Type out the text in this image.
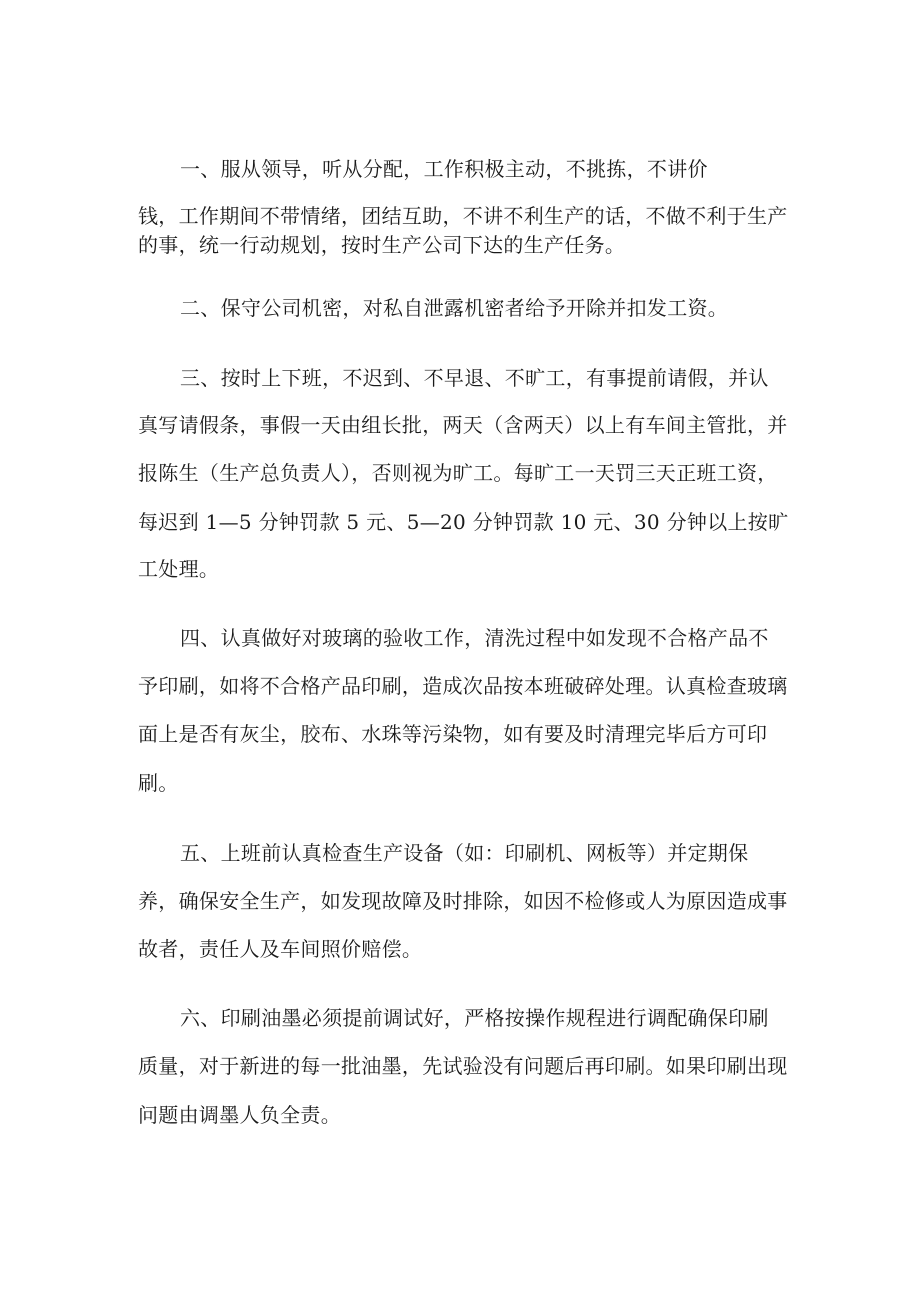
一、服从领导，听从分配，工作积极主动，不挑拣，不讲价
钱，工作期间不带情绪，团结互助，不讲不利生产的话，不做不利于生产
的事，统一行动规划，按时生产公司下达的生产任务。
二、保守公司机密，对私自泄露机密者给予开除并扣发工资。
三、按时上下班，不迟到、不早退、不旷工，有事提前请假，并认
真写请假条，事假一天由组长批，两天（含两天）以上有车间主管批，并
报陈生（生产总负责人），否则视为旷工。每旷工一天罚三天正班工资，
每迟到 1—5 分钟罚款 5 元、5—20 分钟罚款 10 元、30 分钟以上按旷
工处理。
四、认真做好对玻璃的验收工作，清洗过程中如发现不合格产品不
予印刷，如将不合格产品印刷，造成次品按本班破碎处理。认真检查玻璃
面上是否有灰尘，胶布、水珠等污染物，如有要及时清理完毕后方可印
刷。
五、上班前认真检查生产设备（如：印刷机、网板等）并定期保
养，确保安全生产，如发现故障及时排除，如因不检修或人为原因造成事
故者，责任人及车间照价赔偿。
六、印刷油墨必须提前调试好，严格按操作规程进行调配确保印刷
质量，对于新进的每一批油墨，先试验没有问题后再印刷。如果印刷出现
问题由调墨人负全责。
